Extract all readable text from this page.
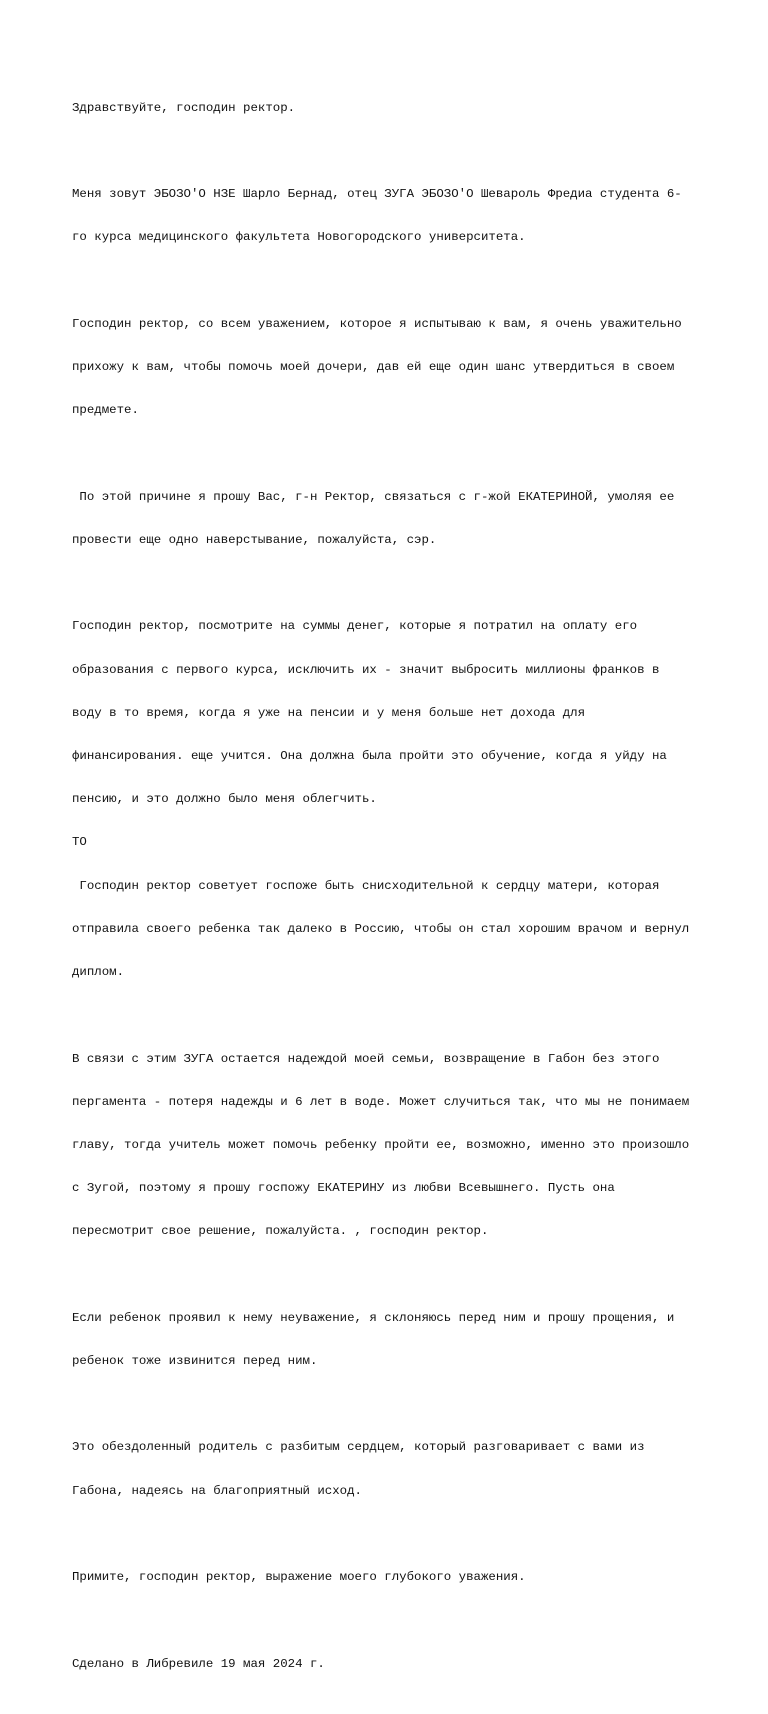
Здравствуйте, господин ректор.

Меня зовут ЭБОЗО'О НЗЕ Шарло Бернад, отец ЗУГА ЭБОЗО'О Шевароль Фредиа студента 6-

го курса медицинского факультета Новогородского университета.

Господин ректор, со всем уважением, которое я испытываю к вам, я очень уважительно

прихожу к вам, чтобы помочь моей дочери, дав ей еще один шанс утвердиться в своем

предмете.

По этой причине я прошу Вас, г-н Ректор, связаться с г-жой ЕКАТЕРИНОЙ, умоляя ее

провести еще одно наверстывание, пожалуйста, сэр.

Господин ректор, посмотрите на суммы денег, которые я потратил на оплату его

образования с первого курса, исключить их - значит выбросить миллионы франков в

воду в то время, когда я уже на пенсии и у меня больше нет дохода для

финансирования. еще учится. Она должна была пройти это обучение, когда я уйду на

пенсию, и это должно было меня облегчить.

ТО

Господин ректор советует госпоже быть снисходительной к сердцу матери, которая

отправила своего ребенка так далеко в Россию, чтобы он стал хорошим врачом и вернул

диплом.

В связи с этим ЗУГА остается надеждой моей семьи, возвращение в Габон без этого

пергамента - потеря надежды и 6 лет в воде. Может случиться так, что мы не понимаем

главу, тогда учитель может помочь ребенку пройти ее, возможно, именно это произошло

с Зугой, поэтому я прошу госпожу ЕКАТЕРИНУ из любви Всевышнего. Пусть она

пересмотрит свое решение, пожалуйста. , господин ректор.

Если ребенок проявил к нему неуважение, я склоняюсь перед ним и прошу прощения, и

ребенок тоже извинится перед ним.

Это обездоленный родитель с разбитым сердцем, который разговаривает с вами из

Габона, надеясь на благоприятный исход.

Примите, господин ректор, выражение моего глубокого уважения.

Сделано в Либревиле 19 мая 2024 г.
